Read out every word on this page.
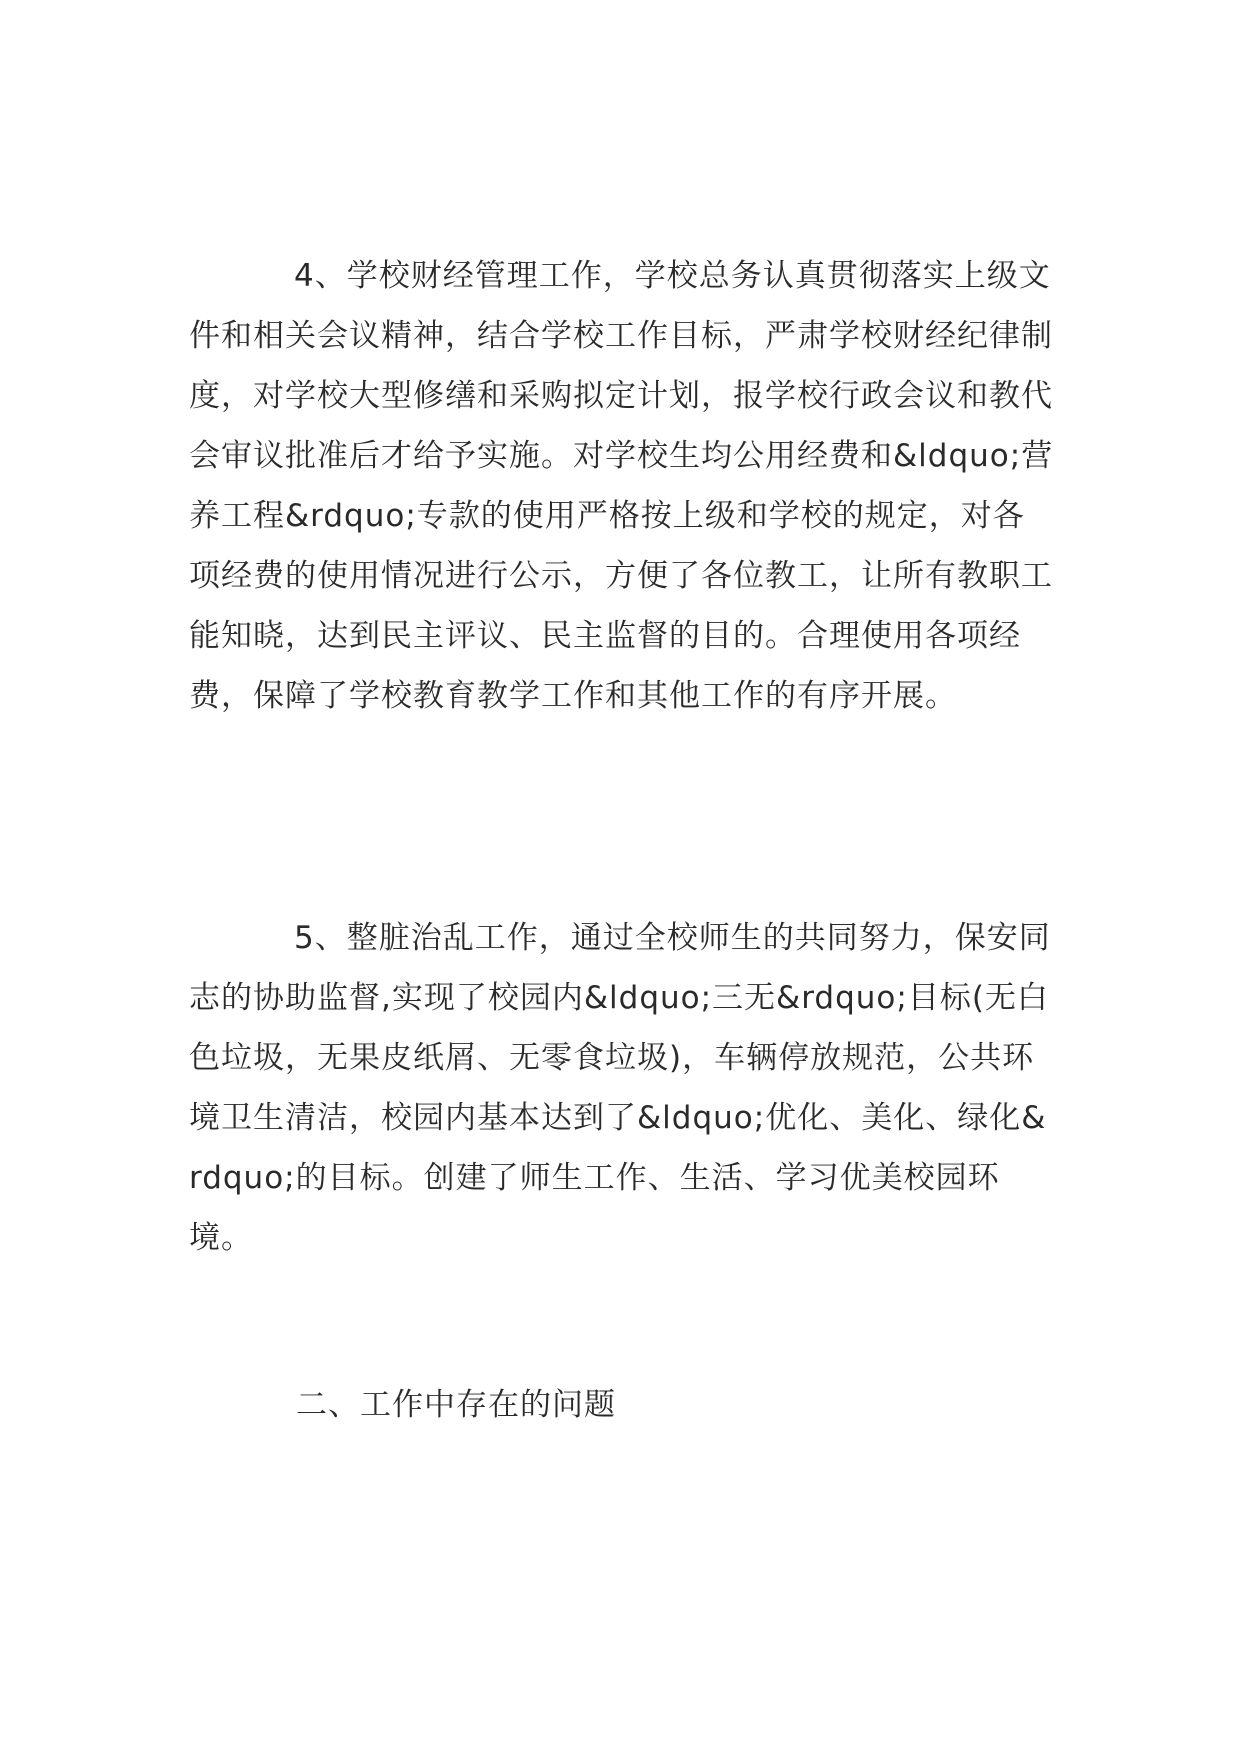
4、学校财经管理工作，学校总务认真贯彻落实上级文件和相关会议精神，结合学校工作目标，严肃学校财经纪律制度，对学校大型修缮和采购拟定计划，报学校行政会议和教代会审议批准后才给予实施。对学校生均公用经费和&ldquo;营养工程&rdquo;专款的使用严格按上级和学校的规定，对各项经费的使用情况进行公示，方便了各位教工，让所有教职工能知晓，达到民主评议、民主监督的目的。合理使用各项经费，保障了学校教育教学工作和其他工作的有序开展。

5、整脏治乱工作，通过全校师生的共同努力，保安同志的协助监督,实现了校园内&ldquo;三无&rdquo;目标(无白色垃圾，无果皮纸屑、无零食垃圾)，车辆停放规范，公共环境卫生清洁，校园内基本达到了&ldquo;优化、美化、绿化&rdquo;的目标。创建了师生工作、生活、学习优美校园环境。

二、工作中存在的问题
